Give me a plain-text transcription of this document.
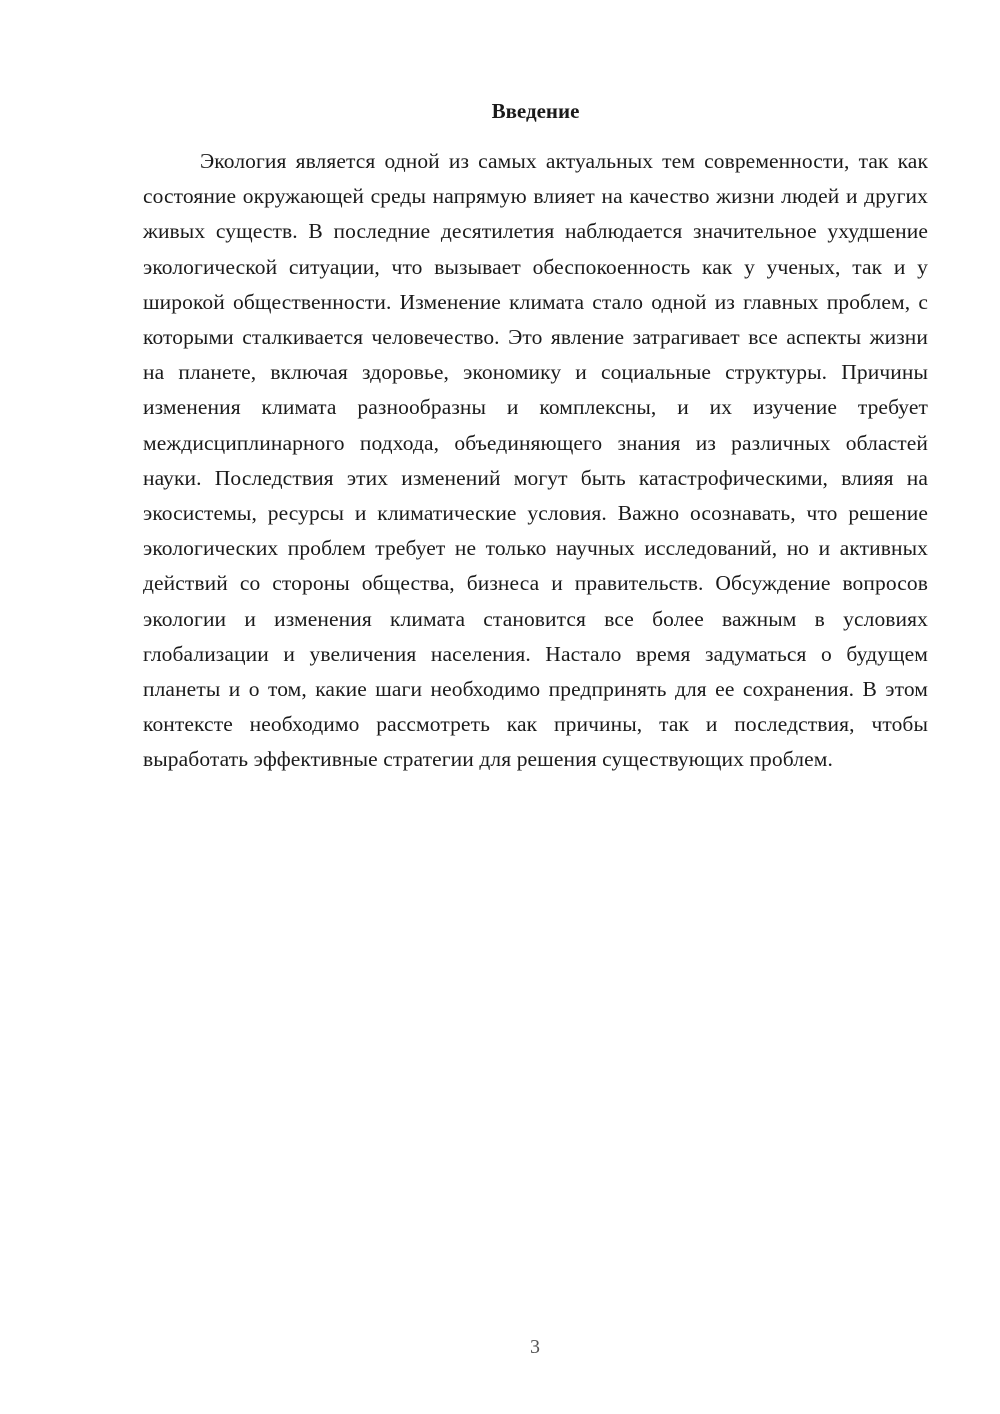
Введение

Экология является одной из самых актуальных тем современности, так как состояние окружающей среды напрямую влияет на качество жизни людей и других живых существ. В последние десятилетия наблюдается значительное ухудшение экологической ситуации, что вызывает обеспокоенность как у ученых, так и у широкой общественности. Изменение климата стало одной из главных проблем, с которыми сталкивается человечество. Это явление затрагивает все аспекты жизни на планете, включая здоровье, экономику и социальные структуры. Причины изменения климата разнообразны и комплексны, и их изучение требует междисциплинарного подхода, объединяющего знания из различных областей науки. Последствия этих изменений могут быть катастрофическими, влияя на экосистемы, ресурсы и климатические условия. Важно осознавать, что решение экологических проблем требует не только научных исследований, но и активных действий со стороны общества, бизнеса и правительств. Обсуждение вопросов экологии и изменения климата становится все более важным в условиях глобализации и увеличения населения. Настало время задуматься о будущем планеты и о том, какие шаги необходимо предпринять для ее сохранения. В этом контексте необходимо рассмотреть как причины, так и последствия, чтобы выработать эффективные стратегии для решения существующих проблем.

3
